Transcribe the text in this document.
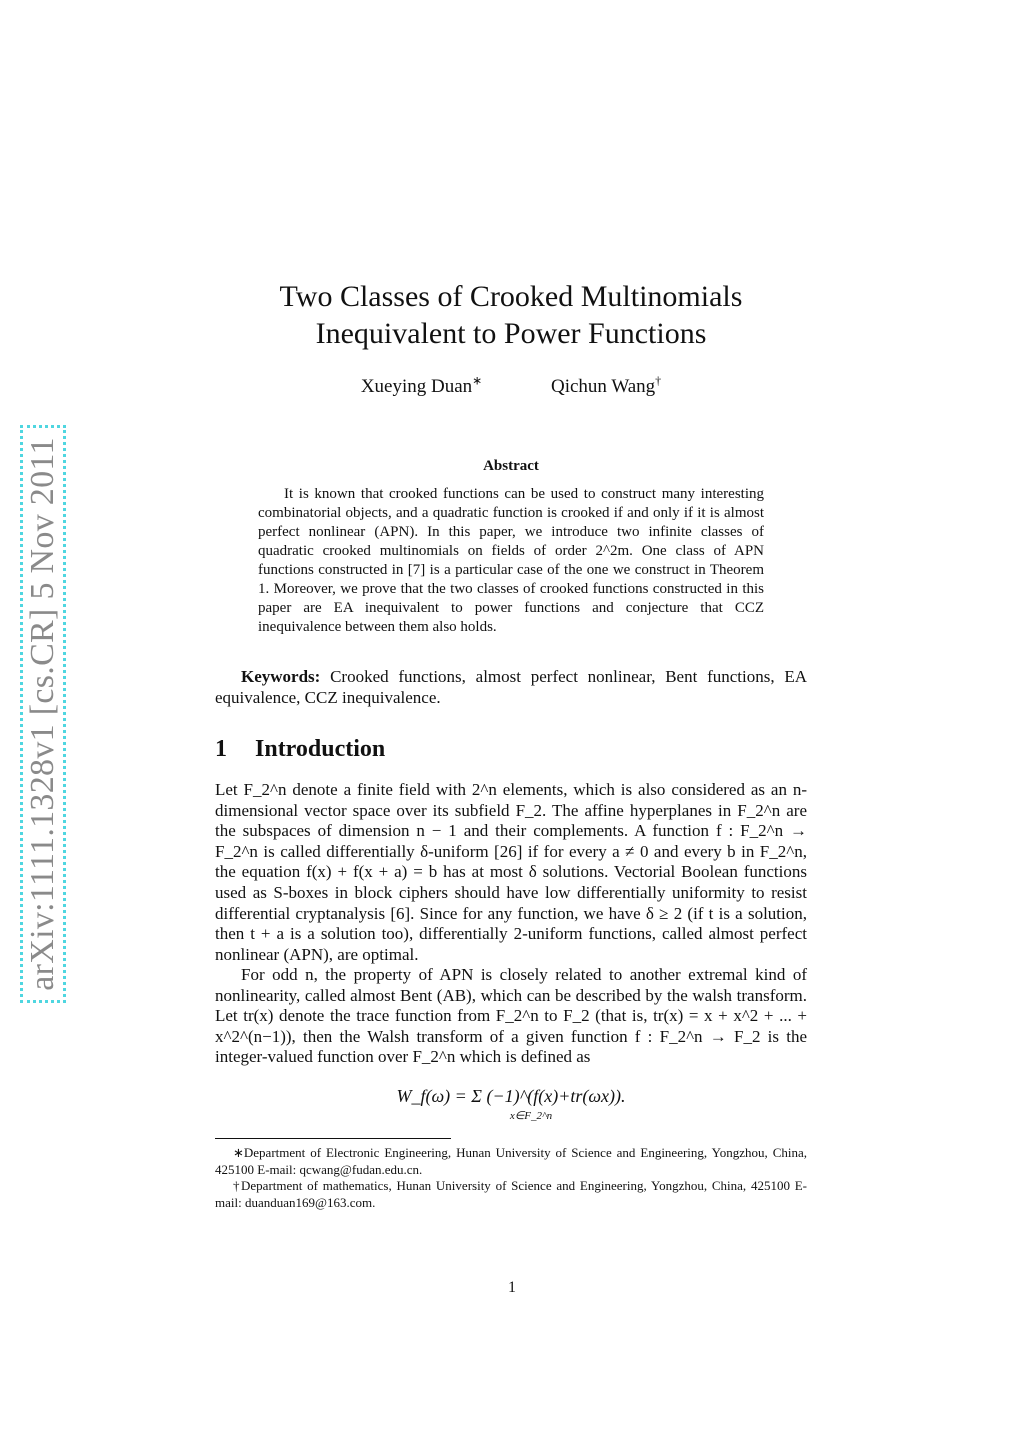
arXiv:1111.1328v1 [cs.CR] 5 Nov 2011
Two Classes of Crooked Multinomials
Inequivalent to Power Functions
Xueying Duan∗	Qichun Wang†
Abstract

It is known that crooked functions can be used to construct many interesting combinatorial objects, and a quadratic function is crooked if and only if it is almost perfect nonlinear (APN). In this paper, we introduce two infinite classes of quadratic crooked multinomials on fields of order 2^2m. One class of APN functions constructed in [7] is a particular case of the one we construct in Theorem 1. Moreover, we prove that the two classes of crooked functions constructed in this paper are EA inequivalent to power functions and conjecture that CCZ inequivalence between them also holds.

Keywords: Crooked functions, almost perfect nonlinear, Bent functions, EA equivalence, CCZ inequivalence.

1 Introduction

Let F_2^n denote a finite field with 2^n elements, which is also considered as an n-dimensional vector space over its subfield F_2. The affine hyperplanes in F_2^n are the subspaces of dimension n − 1 and their complements. A function f : F_2^n → F_2^n is called differentially δ-uniform [26] if for every a ≠ 0 and every b in F_2^n, the equation f(x) + f(x + a) = b has at most δ solutions. Vectorial Boolean functions used as S-boxes in block ciphers should have low differentially uniformity to resist differential cryptanalysis [6]. Since for any function, we have δ ≥ 2 (if t is a solution, then t + a is a solution too), differentially 2-uniform functions, called almost perfect nonlinear (APN), are optimal.

For odd n, the property of APN is closely related to another extremal kind of nonlinearity, called almost Bent (AB), which can be described by the walsh transform. Let tr(x) denote the trace function from F_2^n to F_2 (that is, tr(x) = x + x^2 + ... + x^2^(n−1)), then the Walsh transform of a given function f : F_2^n → F_2 is the integer-valued function over F_2^n which is defined as

W_f(ω) = Σ (−1)^(f(x)+tr(ωx)).
x∈F_2^n

∗Department of Electronic Engineering, Hunan University of Science and Engineering, Yongzhou, China, 425100 E-mail: qcwang@fudan.edu.cn.

†Department of mathematics, Hunan University of Science and Engineering, Yongzhou, China, 425100 E-mail: duanduan169@163.com.

1
